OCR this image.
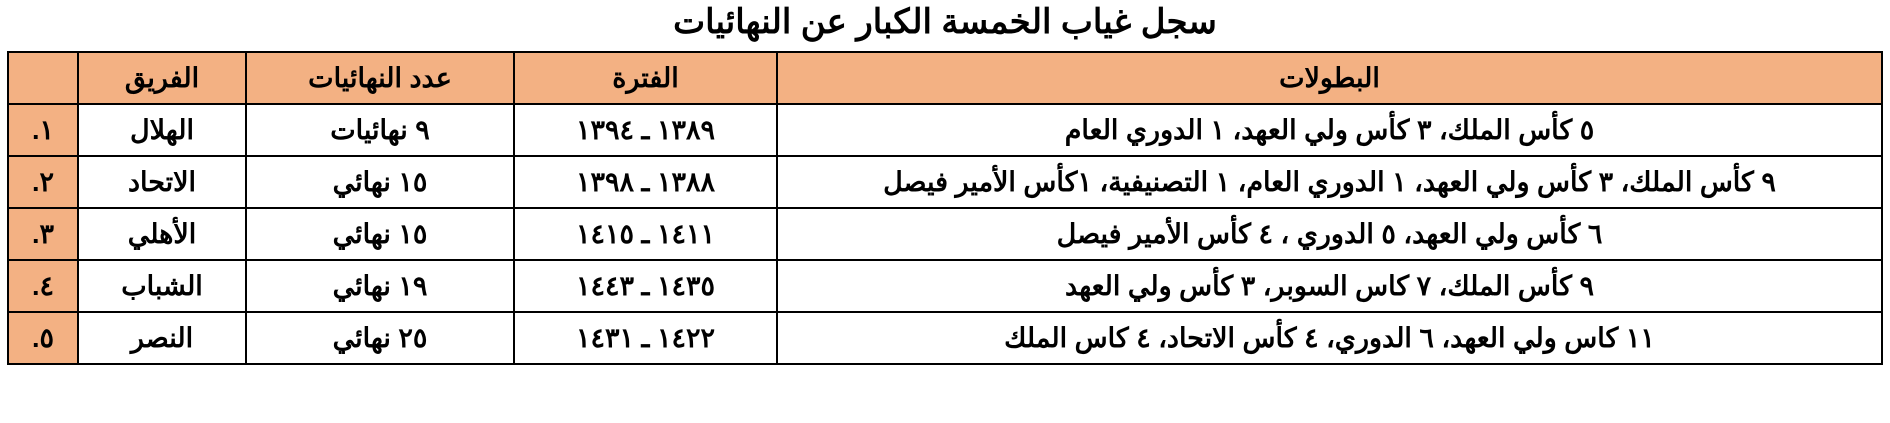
سجل غياب الخمسة الكبار عن النهائيات
البطولات	الفترة	عدد النهائيات	الفريق	
٥ كأس الملك، ٣ كأس ولي العهد، ١ الدوري العام	١٣٨٩ ـ ١٣٩٤	٩ نهائيات	الهلال	١.
٩ كأس الملك، ٣ كأس ولي العهد، ١ الدوري العام، ١ التصنيفية، ١كأس الأمير فيصل	١٣٨٨ ـ ١٣٩٨	١٥ نهائي	الاتحاد	٢.
٦ كأس ولي العهد، ٥ الدوري ، ٤ كأس الأمير فيصل	١٤١١ ـ ١٤١٥	١٥ نهائي	الأهلي	٣.
٩ كأس الملك، ٧ كاس السوبر، ٣ كأس ولي العهد	١٤٣٥ ـ ١٤٤٣	١٩ نهائي	الشباب	٤.
١١ كاس ولي العهد، ٦ الدوري، ٤ كأس الاتحاد، ٤ كاس الملك	١٤٢٢ ـ ١٤٣١	٢٥ نهائي	النصر	٥.
